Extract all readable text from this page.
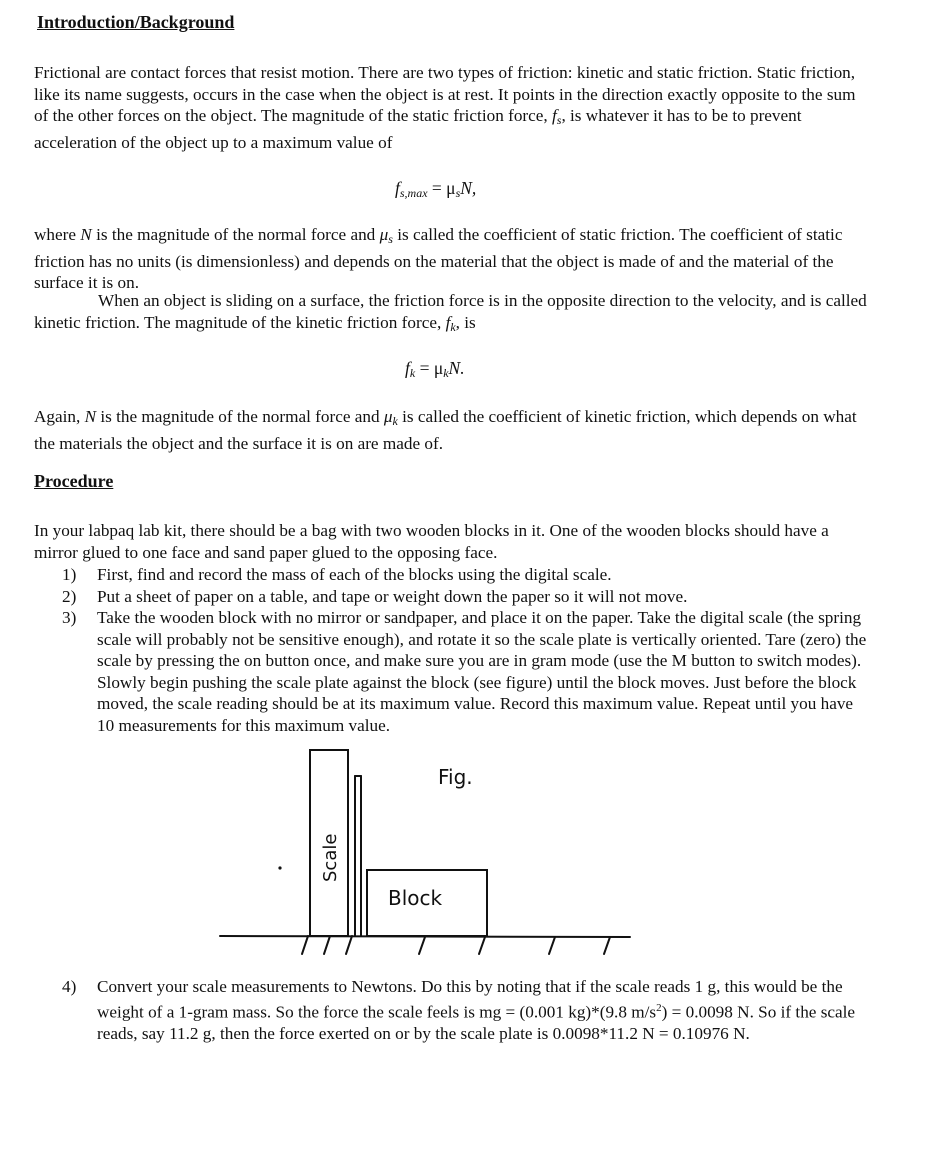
Introduction/Background

Frictional are contact forces that resist motion. There are two types of friction: kinetic and static friction. Static friction, like its name suggests, occurs in the case when the object is at rest. It points in the direction exactly opposite to the sum of the other forces on the object. The magnitude of the static friction force, $f_s$, is whatever it has to be to prevent acceleration of the object up to a maximum value of

$f_{s,max} = \mu_sN$,

where N is the magnitude of the normal force and $\mu_s$ is called the coefficient of static friction. The coefficient of static friction has no units (is dimensionless) and depends on the material that the object is made of and the material of the surface it is on.

When an object is sliding on a surface, the friction force is in the opposite direction to the velocity, and is called kinetic friction. The magnitude of the kinetic friction force, $f_k$, is

$f_k = \mu_kN$.

Again, N is the magnitude of the normal force and $\mu_k$ is called the coefficient of kinetic friction, which depends on what the materials the object and the surface it is on are made of.

Procedure

In your labpaq lab kit, there should be a bag with two wooden blocks in it. One of the wooden blocks should have a mirror glued to one face and sand paper glued to the opposing face.

1) First, find and record the mass of each of the blocks using the digital scale.
2) Put a sheet of paper on a table, and tape or weight down the paper so it will not move.
3) Take the wooden block with no mirror or sandpaper, and place it on the paper. Take the digital scale (the spring scale will probably not be sensitive enough), and rotate it so the scale plate is vertically oriented. Tare (zero) the scale by pressing the on button once, and make sure you are in gram mode (use the M button to switch modes). Slowly begin pushing the scale plate against the block (see figure) until the block moves. Just before the block moved, the scale reading should be at its maximum value. Record this maximum value. Repeat until you have 10 measurements for this maximum value.
Scale
Block
Fig.
4) Convert your scale measurements to Newtons. Do this by noting that if the scale reads 1 g, this would be the weight of a 1-gram mass. So the force the scale feels is mg = (0.001 kg)*(9.8 $m/s^2) = 0.0098$ N. So if the scale reads, say 11.2 g, then the force exerted on or by the scale plate is 0.0098*11.2 N = 0.10976 N.
